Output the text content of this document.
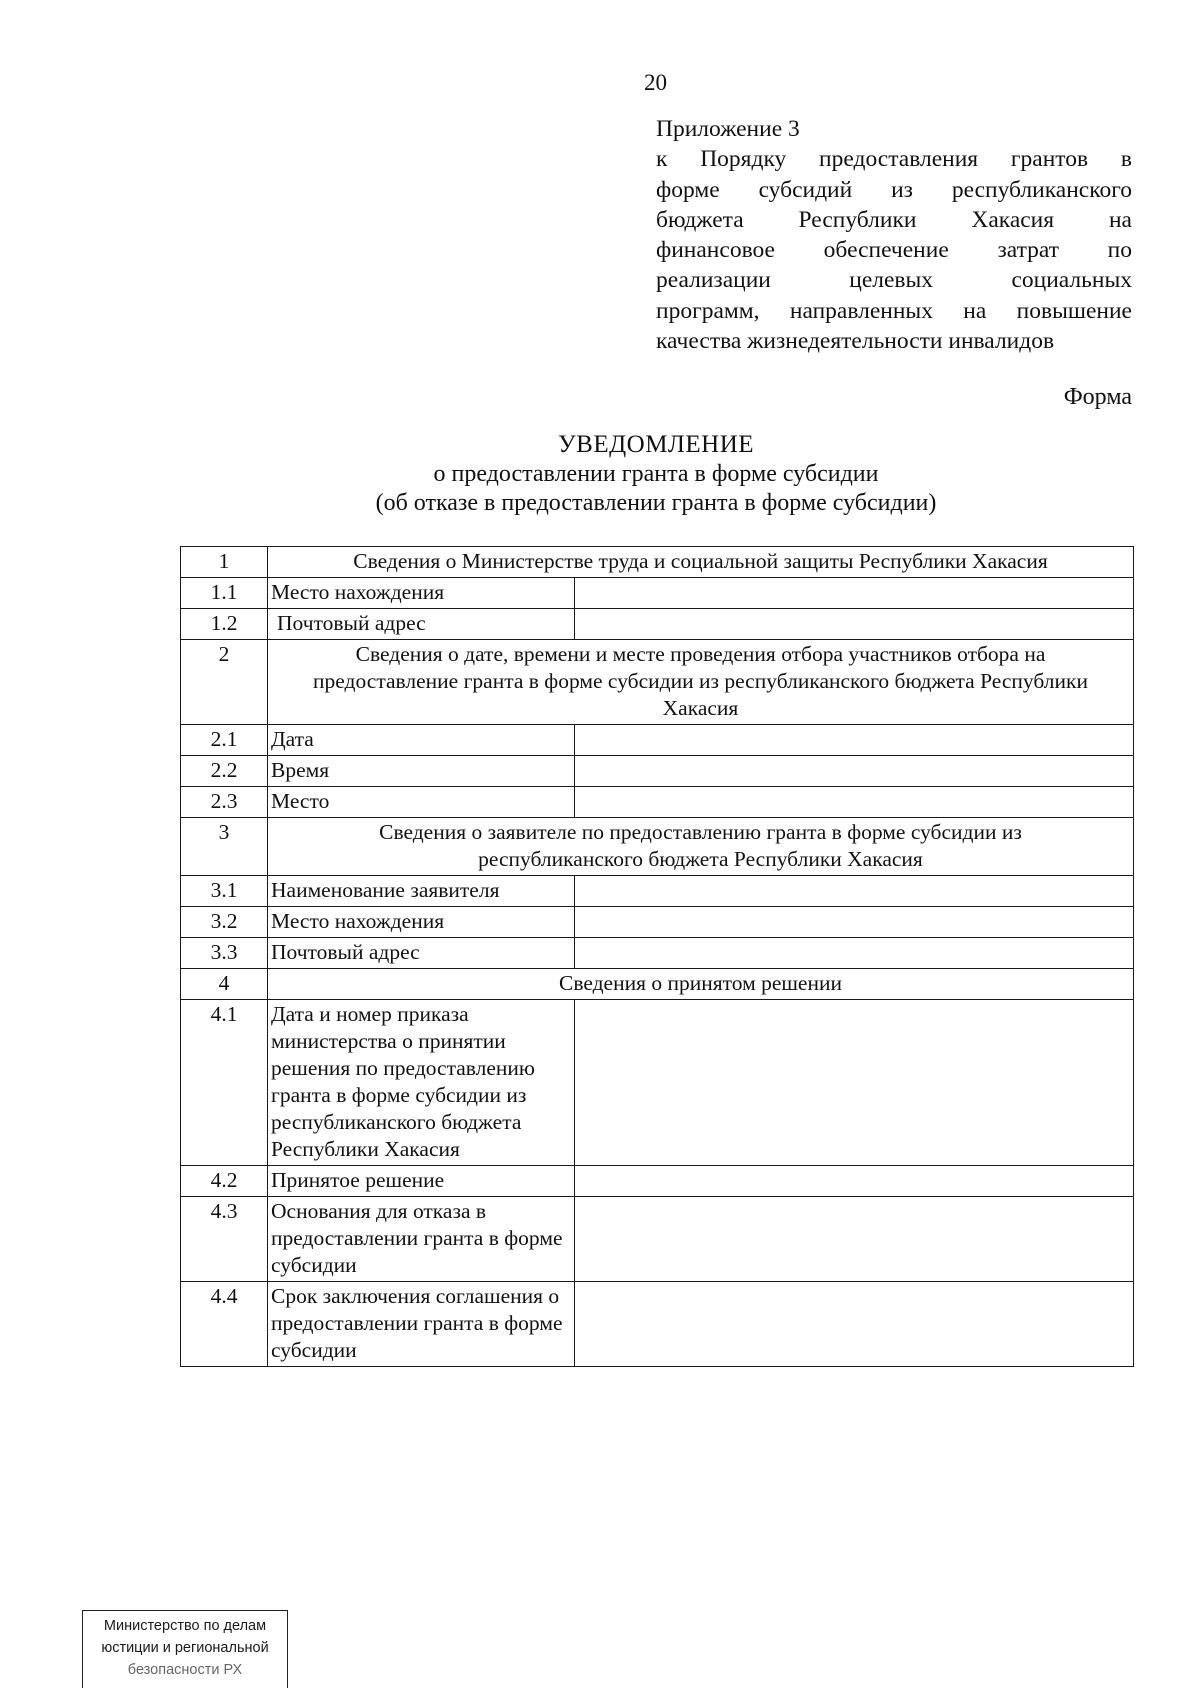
20
Приложение 3
к Порядку предоставления грантов в
форме субсидий из республиканского
бюджета Республики Хакасия на
финансовое обеспечение затрат по
реализации целевых социальных
программ, направленных на повышение
качества жизнедеятельности инвалидов
Форма
УВЕДОМЛЕНИЕ
о предоставлении гранта в форме субсидии
(об отказе в предоставлении гранта в форме субсидии)
1	Сведения о Министерстве труда и социальной защиты Республики Хакасия	
1.1	Место нахождения	
1.2	Почтовый адрес	
2	Сведения о дате, времени и месте проведения отбора участников отбора на предоставление гранта в форме субсидии из республиканского бюджета Республики Хакасия	
2.1	Дата	
2.2	Время	
2.3	Место	
3	Сведения о заявителе по предоставлению гранта в форме субсидии из республиканского бюджета Республики Хакасия	
3.1	Наименование заявителя	
3.2	Место нахождения	
3.3	Почтовый адрес	
4	Сведения о принятом решении	
4.1	Дата и номер приказа министерства о принятии решения по предоставлению гранта в форме субсидии из республиканского бюджета Республики Хакасия	
4.2	Принятое решение	
4.3	Основания для отказа в предоставлении гранта в форме субсидии	
4.4	Срок заключения соглашения о предоставлении гранта в форме субсидии	
Министерство по делам
юстиции и региональной
безопасности РХ
